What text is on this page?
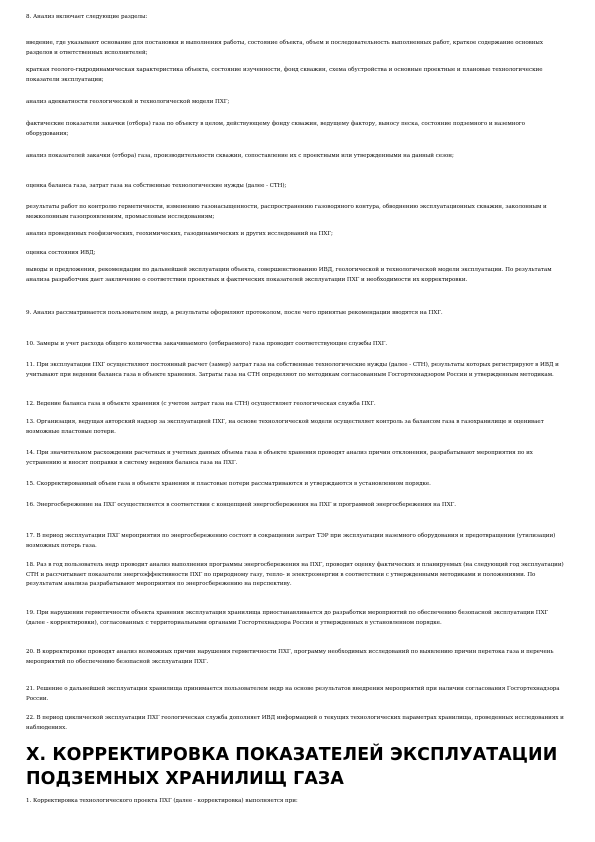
8. Анализ включает следующие разделы:

введение, где указывают основание для постановки и выполнения работы, состояние объекта, объем и последовательность выполненных работ, краткое содержание основных разделов и ответственных исполнителей;

краткая геолого-гидродинамическая характеристика объекта, состояние изученности, фонд скважин, схема обустройства и основные проектные и плановые технологические показатели эксплуатации;

анализ адекватности геологической и технологической модели ПХГ;

фактические показатели закачки (отбора) газа по объекту в целом, действующему фонду скважин, ведущему фактору, выносу песка, состояние подземного и наземного оборудования;

анализ показателей закачки (отбора) газа, производительности скважин, сопоставление их с проектными или утвержденными на данный сезон;

оценка баланса газа, затрат газа на собственные технологические нужды (далее - СТН);

результаты работ по контролю герметичности, изменению газонасыщенности, распространению газоводяного контура, обводнению эксплуатационных скважин, заколонным и межколонным газопроявлениям, промысловым исследованиям;

анализ проведенных геофизических, геохимических, газодинамических и других исследований на ПХГ;

оценка состояния ИВД;

выводы и предложения, рекомендации по дальнейшей эксплуатации объекта, совершенствованию ИВД, геологической и технологической модели эксплуатации. По результатам анализа разработчик дает заключение о соответствии проектных и фактических показателей эксплуатации ПХГ и необходимости их корректировки.

9. Анализ рассматривается пользователем недр, а результаты оформляют протоколом, после чего принятые рекомендации вводятся на ПХГ.

10. Замеры и учет расхода общего количества закачиваемого (отбираемого) газа проводит соответствующие службы ПХГ.

11. При эксплуатации ПХГ осуществляют постоянный расчет (замер) затрат газа на собственные технологические нужды (далее - СТН), результаты которых регистрируют в ИВД и учитывают при ведении баланса газа в объекте хранения. Затраты газа на СТН определяют по методикам согласованным Госгортехнадзором России и утвержденным методикам.

12. Ведение баланса газа в объекте хранения (с учетом затрат газа на СТН) осуществляет геологическая служба ПХГ.

13. Организация, ведущая авторский надзор за эксплуатацией ПХГ, на основе технологической модели осуществляет контроль за балансом газа в газохранилище и оценивает возможные пластовые потери.

14. При значительном расхождении расчетных и учетных данных объема газа в объекте хранения проводят анализ причин отклонения, разрабатывают мероприятия по их устранению и вносят поправки в систему ведения баланса газа на ПХГ.

15. Скорректированный объем газа в объекте хранения и пластовые потери рассматриваются и утверждаются в установленном порядке.

16. Энергосбережение на ПХГ осуществляется в соответствии с концепцией энергосбережения на ПХГ и программой энергосбережения на ПХГ.

17. В период эксплуатации ПХГ мероприятия по энергосбережению состоят в сокращении затрат ТЭР при эксплуатации наземного оборудования и предотвращении (утилизации) возможных потерь газа.

18. Раз в год пользователь недр проводит анализ выполнения программы энергосбережения на ПХГ, проводит оценку фактических и планируемых (на следующий год эксплуатации) СТН и рассчитывает показатели энергоэффективности ПХГ по природному газу, тепло- и электроэнергии в соответствии с утвержденными методиками и положениями. По результатам анализа разрабатывают мероприятия по энергосбережению на перспективу.

19. При нарушении герметичности объекта хранения эксплуатация хранилища приостанавливается до разработки мероприятий по обеспечению безопасной эксплуатации ПХГ (далее - корректировки), согласованных с территориальными органами Госгортехнадзора России и утвержденных в установленном порядке.

20. В корректировке проводят анализ возможных причин нарушения герметичности ПХГ, программу необходимых исследований по выявлению причин перетока газа и перечень мероприятий по обеспечению безопасной эксплуатации ПХГ.

21. Решение о дальнейшей эксплуатации хранилища принимается пользователем недр на основе результатов внедрения мероприятий при наличии согласования Госгортехнадзора России.

22. В период циклической эксплуатации ПХГ геологическая служба дополняет ИВД информацией о текущих технологических параметрах хранилища, проведенных исследованиях и наблюдениях.

X. КОРРЕКТИРОВКА ПОКАЗАТЕЛЕЙ ЭКСПЛУАТАЦИИ ПОДЗЕМНЫХ ХРАНИЛИЩ ГАЗА

1. Корректировка технологического проекта ПХГ (далее - корректировка) выполняется при:
